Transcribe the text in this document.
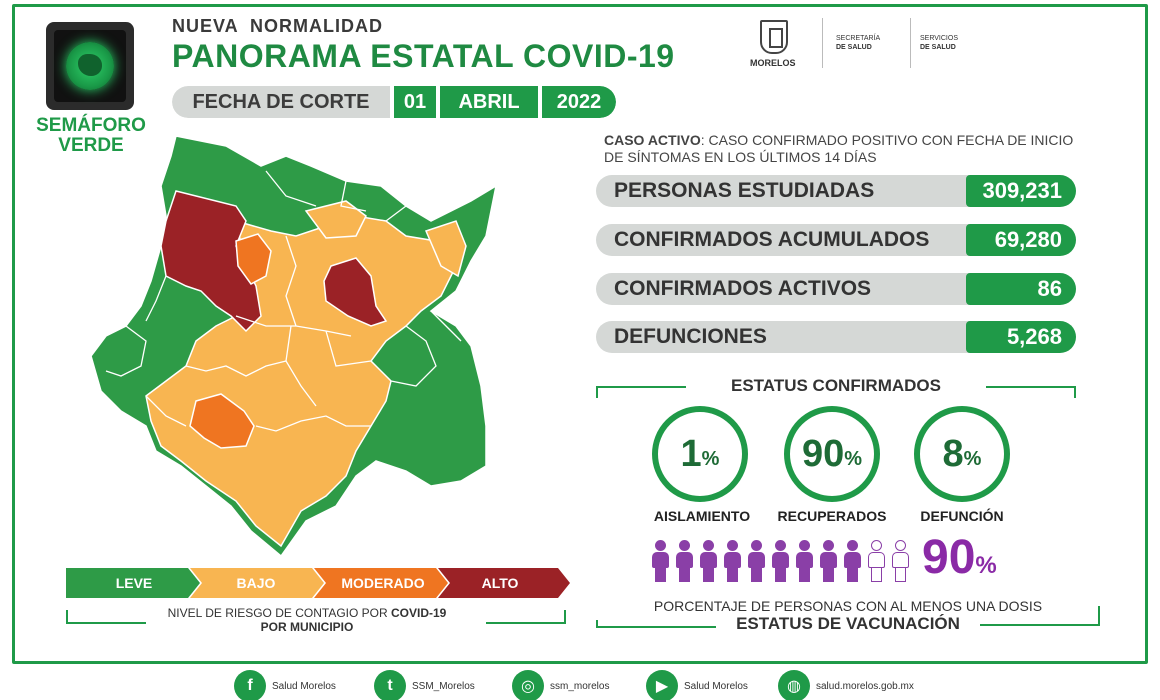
SEMÁFORO
VERDE
NUEVA  NORMALIDAD
PANORAMA ESTATAL COVID-19
FECHA DE CORTE	01	ABRIL	2022
MORELOS
SECRETARÍA
DE SALUD
SERVICIOS
DE SALUD
CASO ACTIVO: CASO CONFIRMADO POSITIVO CON FECHA DE INICIO DE SÍNTOMAS EN LOS ÚLTIMOS 14 DÍAS
PERSONAS ESTUDIADAS	309,231
CONFIRMADOS ACUMULADOS	69,280
CONFIRMADOS ACTIVOS	86
DEFUNCIONES	5,268
ESTATUS CONFIRMADOS
1 % 90 % 8 %
AISLAMIENTO	RECUPERADOS	DEFUNCIÓN
90%
PORCENTAJE DE PERSONAS CON AL MENOS UNA DOSIS
ESTATUS DE VACUNACIÓN
LEVE	BAJO	MODERADO	ALTO
NIVEL DE RIESGO DE CONTAGIO POR COVID-19
POR MUNICIPIO
f	Salud Morelos	t	SSM_Morelos	◎	ssm_morelos	▶	Salud Morelos	◍	salud.morelos.gob.mx
